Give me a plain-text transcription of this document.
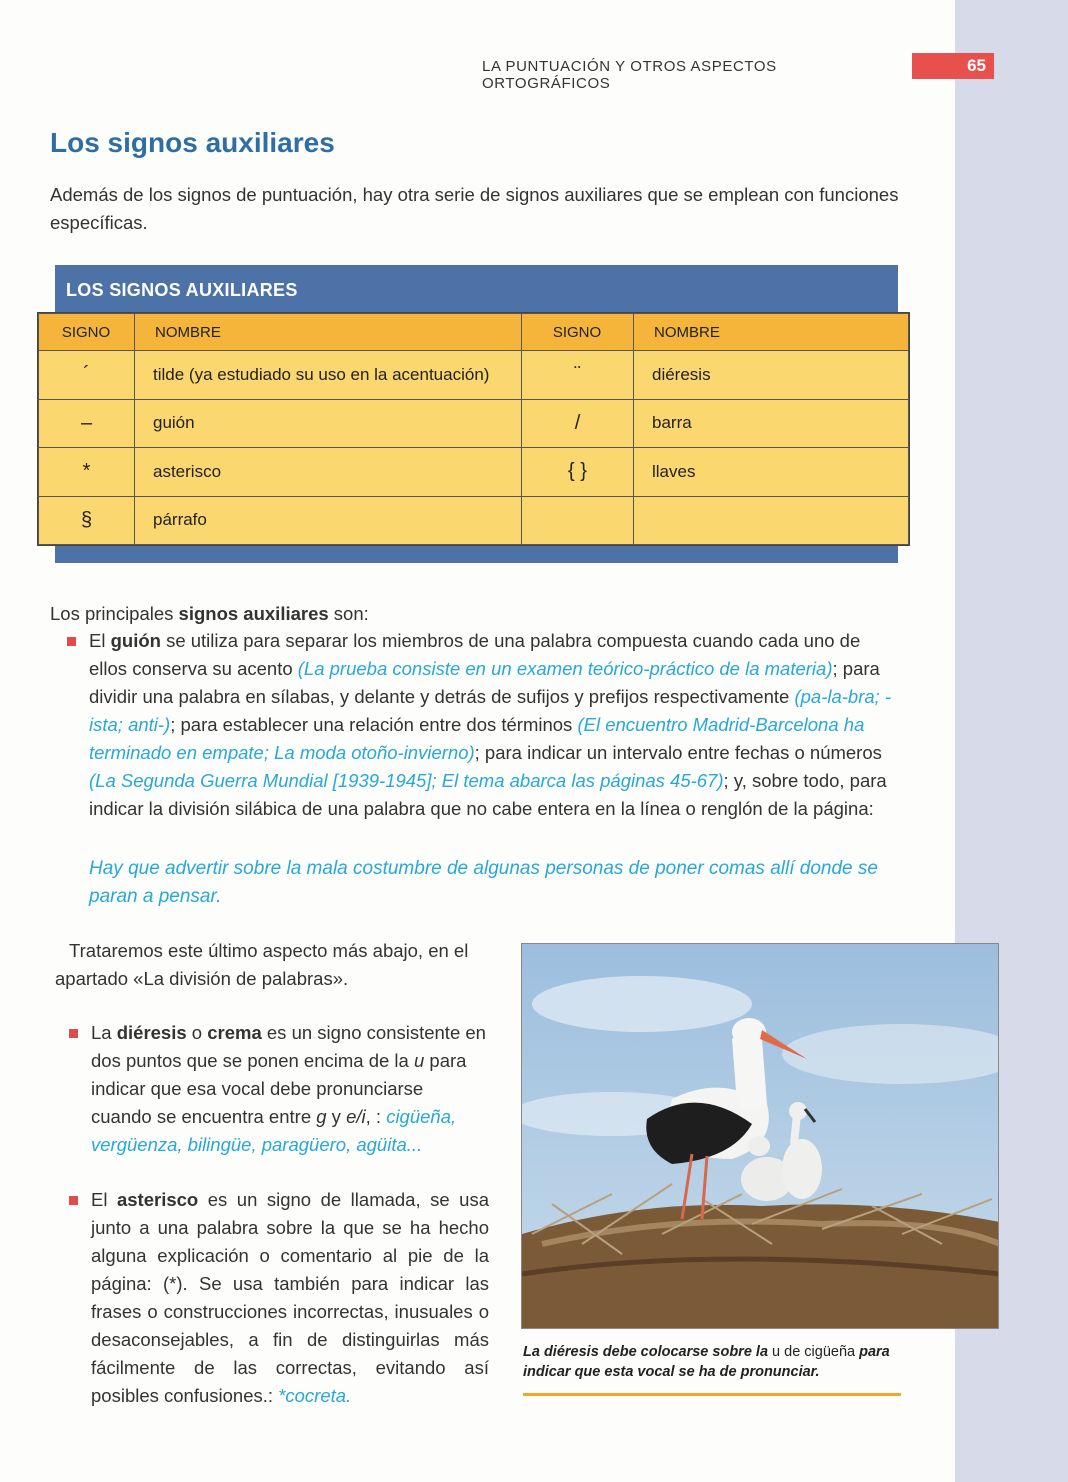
LA PUNTUACIÓN Y OTROS ASPECTOS ORTOGRÁFICOS
65
Los signos auxiliares
Además de los signos de puntuación, hay otra serie de signos auxiliares que se emplean con funciones específicas.
LOS SIGNOS AUXILIARES
SIGNO	NOMBRE	SIGNO	NOMBRE
´	tilde (ya estudiado su uso en la acentuación)	¨	diéresis
–	guión	/	barra
*	asterisco	{ }	llaves
§	párrafo		
Los principales signos auxiliares son:
El guión se utiliza para separar los miembros de una palabra compuesta cuando cada uno de ellos conserva su acento (La prueba consiste en un examen teórico-práctico de la materia); para dividir una palabra en sílabas, y delante y detrás de sufijos y prefijos respectivamente (pa-la-bra; -ista; anti-); para establecer una relación entre dos términos (El encuentro Madrid-Barcelona ha terminado en empate; La moda otoño-invierno); para indicar un intervalo entre fechas o números (La Segunda Guerra Mundial [1939-1945]; El tema abarca las páginas 45-67); y, sobre todo, para indicar la división silábica de una palabra que no cabe entera en la línea o renglón de la página:
Hay que advertir sobre la mala costumbre de algunas personas de poner comas allí donde se paran a pensar.
Trataremos este último aspecto más abajo, en el apartado «La división de palabras».
La diéresis o crema es un signo consistente en dos puntos que se ponen encima de la u para indicar que esa vocal debe pronunciarse cuando se encuentra entre g y e/i, : cigüeña, vergüenza, bilingüe, paragüero, agüita...
El asterisco es un signo de llamada, se usa junto a una palabra sobre la que se ha hecho alguna explicación o comentario al pie de la página: (*). Se usa también para indicar las frases o construcciones incorrectas, inusuales o desaconsejables, a fin de distinguirlas más fácilmente de las correctas, evitando así posibles confusiones.: *cocreta.
La diéresis debe colocarse sobre la u de cigüeña para indicar que esta vocal se ha de pronunciar.
